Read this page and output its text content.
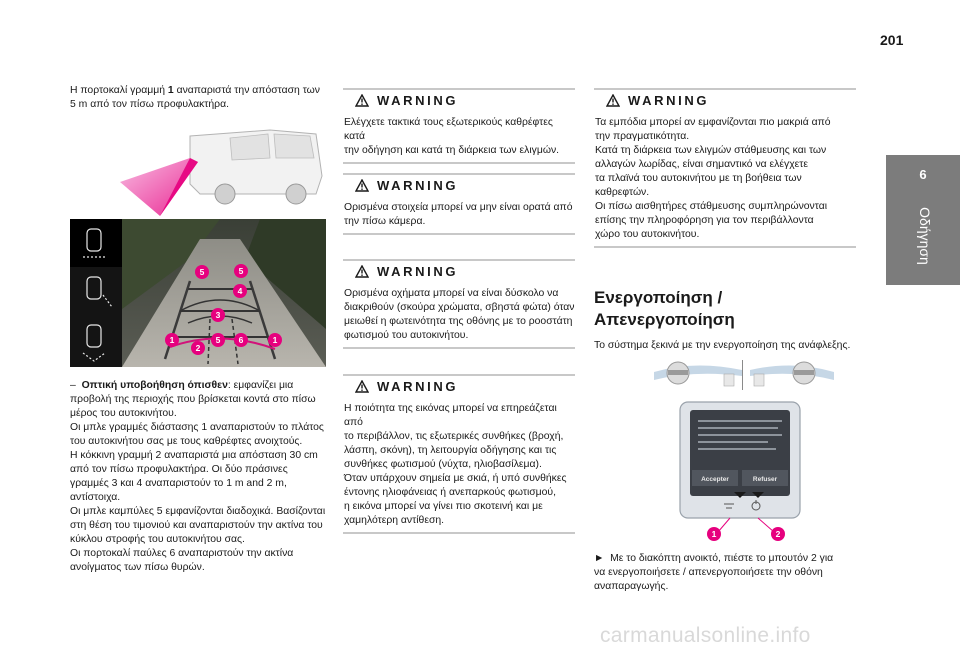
201
6
Οδήγηση

Η πορτοκαλί γραμμή 1 αναπαριστά την απόσταση των
5 m από τον πίσω προφυλακτήρα.

5	5
4
3
1
2
5 6	1

– Οπτική υποβοήθηση όπισθεν: εμφανίζει μια
προβολή της περιοχής που βρίσκεται κοντά στο πίσω
μέρος του αυτοκινήτου.
Οι μπλε γραμμές διάστασης 1 αναπαριστούν το πλάτος
του αυτοκινήτου σας με τους καθρέφτες ανοιχτούς.
Η κόκκινη γραμμή 2 αναπαριστά μια απόσταση 30 cm
από τον πίσω προφυλακτήρα. Οι δύο πράσινες
γραμμές 3 και 4 αναπαριστούν το 1 m and 2 m,
αντίστοιχα.
Οι μπλε καμπύλες 5 εμφανίζονται διαδοχικά. Βασίζονται
στη θέση του τιμονιού και αναπαριστούν την ακτίνα του
κύκλου στροφής του αυτοκινήτου σας.
Οι πορτοκαλί παύλες 6 αναπαριστούν την ακτίνα
ανοίγματος των πίσω θυρών.

WARNING

Ελέγχετε τακτικά τους εξωτερικούς καθρέφτες κατά
την οδήγηση και κατά τη διάρκεια των ελιγμών.

WARNING

Ορισμένα στοιχεία μπορεί να μην είναι ορατά από
την πίσω κάμερα.

WARNING

Ορισμένα οχήματα μπορεί να είναι δύσκολο να
διακριθούν (σκούρα χρώματα, σβηστά φώτα) όταν
μειωθεί η φωτεινότητα της οθόνης με το ροοστάτη
φωτισμού του αυτοκινήτου.

WARNING

Η ποιότητα της εικόνας μπορεί να επηρεάζεται από
το περιβάλλον, τις εξωτερικές συνθήκες (βροχή,
λάσπη, σκόνη), τη λειτουργία οδήγησης και τις
συνθήκες φωτισμού (νύχτα, ηλιοβασίλεμα).
Όταν υπάρχουν σημεία με σκιά, ή υπό συνθήκες
έντονης ηλιοφάνειας ή ανεπαρκούς φωτισμού,
η εικόνα μπορεί να γίνει πιο σκοτεινή και με
χαμηλότερη αντίθεση.

WARNING

Τα εμπόδια μπορεί αν εμφανίζονται πιο μακριά από
την πραγματικότητα.
Κατά τη διάρκεια των ελιγμών στάθμευσης και των
αλλαγών λωρίδας, είναι σημαντικό να ελέγχετε
τα πλαϊνά του αυτοκινήτου με τη βοήθεια των
καθρεφτών.
Οι πίσω αισθητήρες στάθμευσης συμπληρώνονται
επίσης την πληροφόρηση για τον περιβάλλοντα
χώρο του αυτοκινήτου.

Ενεργοποίηση /
Απενεργοποίηση

Το σύστημα ξεκινά με την ενεργοποίηση της ανάφλεξης.

Accepter	Refuser
1	2

► Με το διακόπτη ανοικτό, πιέστε το μπουτόν 2 για
να ενεργοποιήσετε / απενεργοποιήσετε την οθόνη
αναπαραγωγής.

carmanualsonline.info
